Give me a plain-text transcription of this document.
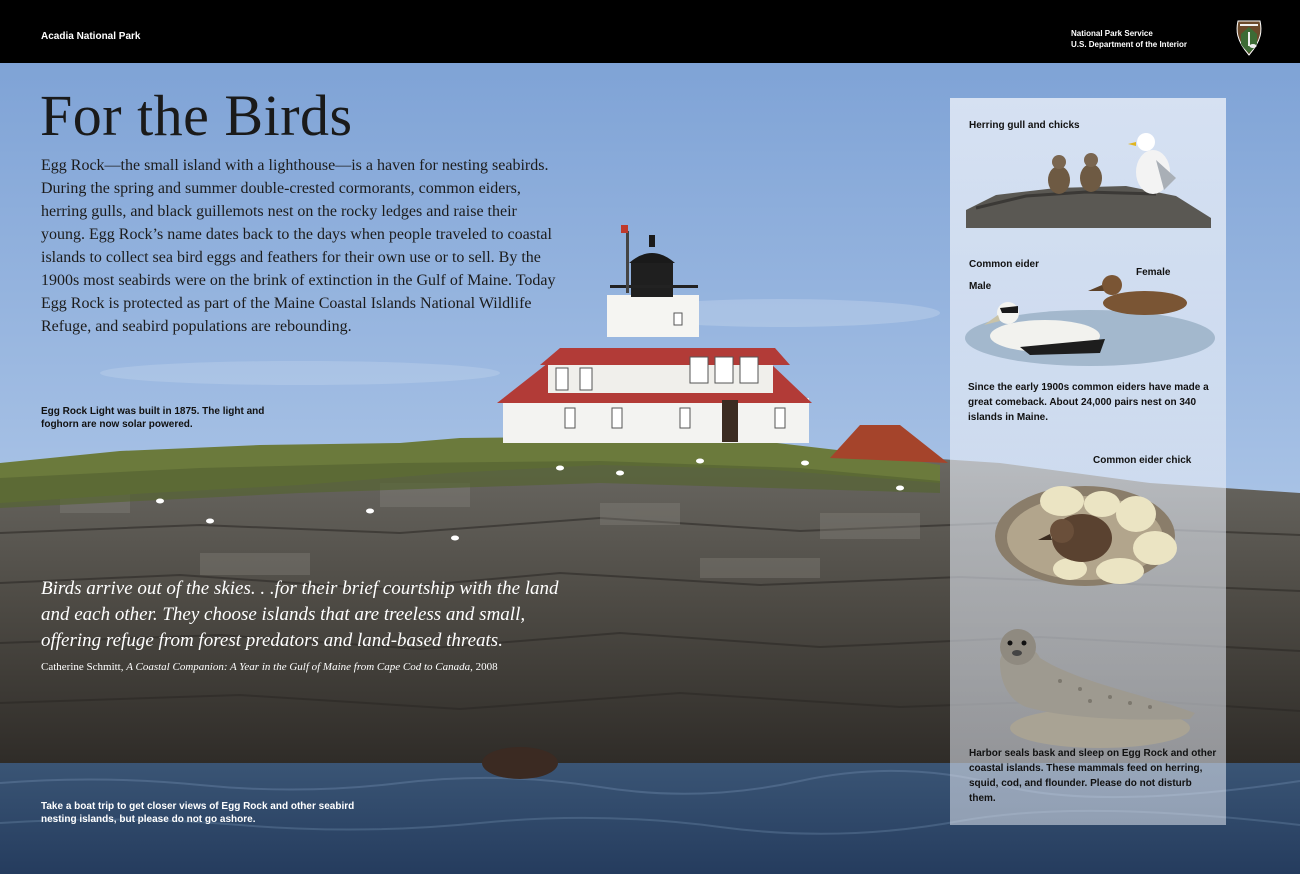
Acadia National Park	National Park Service
U.S. Department of the Interior
For the Birds
Egg Rock—the small island with a lighthouse—is a haven for nesting seabirds. During the spring and summer double-crested cormorants, common eiders, herring gulls, and black guillemots nest on the rocky ledges and raise their young. Egg Rock’s name dates back to the days when people traveled to coastal islands to collect sea bird eggs and feathers for their own use or to sell. By the 1900s most seabirds were on the brink of extinction in the Gulf of Maine. Today Egg Rock is protected as part of the Maine Coastal Islands National Wildlife Refuge, and seabird populations are rebounding.
Egg Rock Light was built in 1875. The light and foghorn are now solar powered.
Birds arrive out of the skies. . .for their brief courtship with the land and each other. They choose islands that are treeless and small, offering refuge from forest predators and land-based threats.
Catherine Schmitt, A Coastal Companion: A Year in the Gulf of Maine from Cape Cod to Canada, 2008
Take a boat trip to get closer views of Egg Rock and other seabird nesting islands, but please do not go ashore.
Herring gull and chicks
Common eider
Female
Male
Since the early 1900s common eiders have made a great comeback. About 24,000 pairs nest on 340 islands in Maine.
Common eider chick
Harbor seals bask and sleep on Egg Rock and other coastal islands. These mammals feed on herring, squid, cod, and flounder. Please do not disturb them.
